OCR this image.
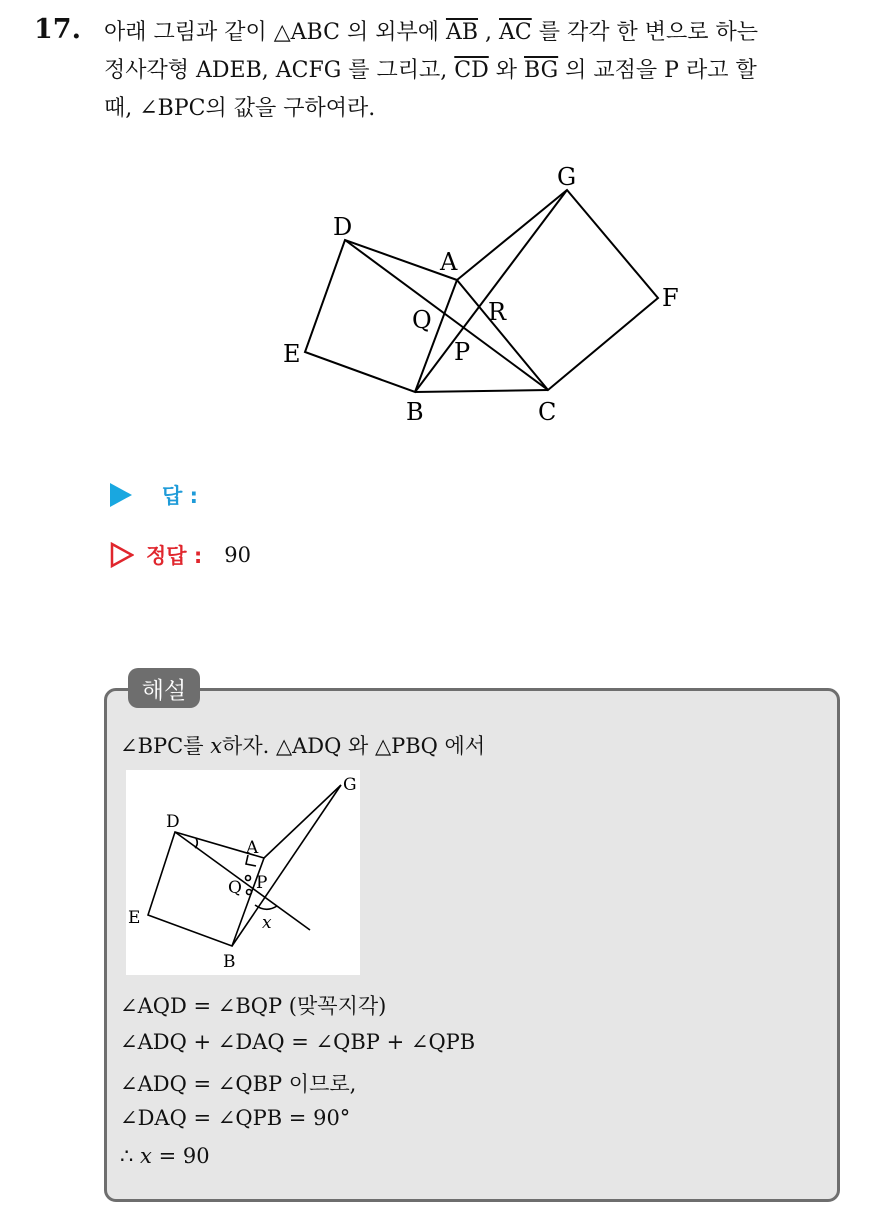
17. 아래 그림과 같이 △ABC 의 외부에 $\overline{AB}$ , $\overline{AC}$ 를 각각 한 변으로 하는
정사각형 ADEB, ACFG 를 그리고, $\overline{CD}$ 와 $\overline{BG}$ 의 교점을 P 라고 할
때, ∠BPC의 값을 구하여라.
G
D
A
F
Q R
P
E
B	C
답 :
정답 : 90
해설
∠BPC를 x하자. △ADQ 와 △PBQ 에서
D
A
G
Q P
E
B
x
∠AQD = ∠BQP (맞꼭지각)
∠ADQ + ∠DAQ = ∠QBP + ∠QPB
∠ADQ = ∠QBP 이므로,
∠DAQ = ∠QPB = 90°
∴ x = 90
